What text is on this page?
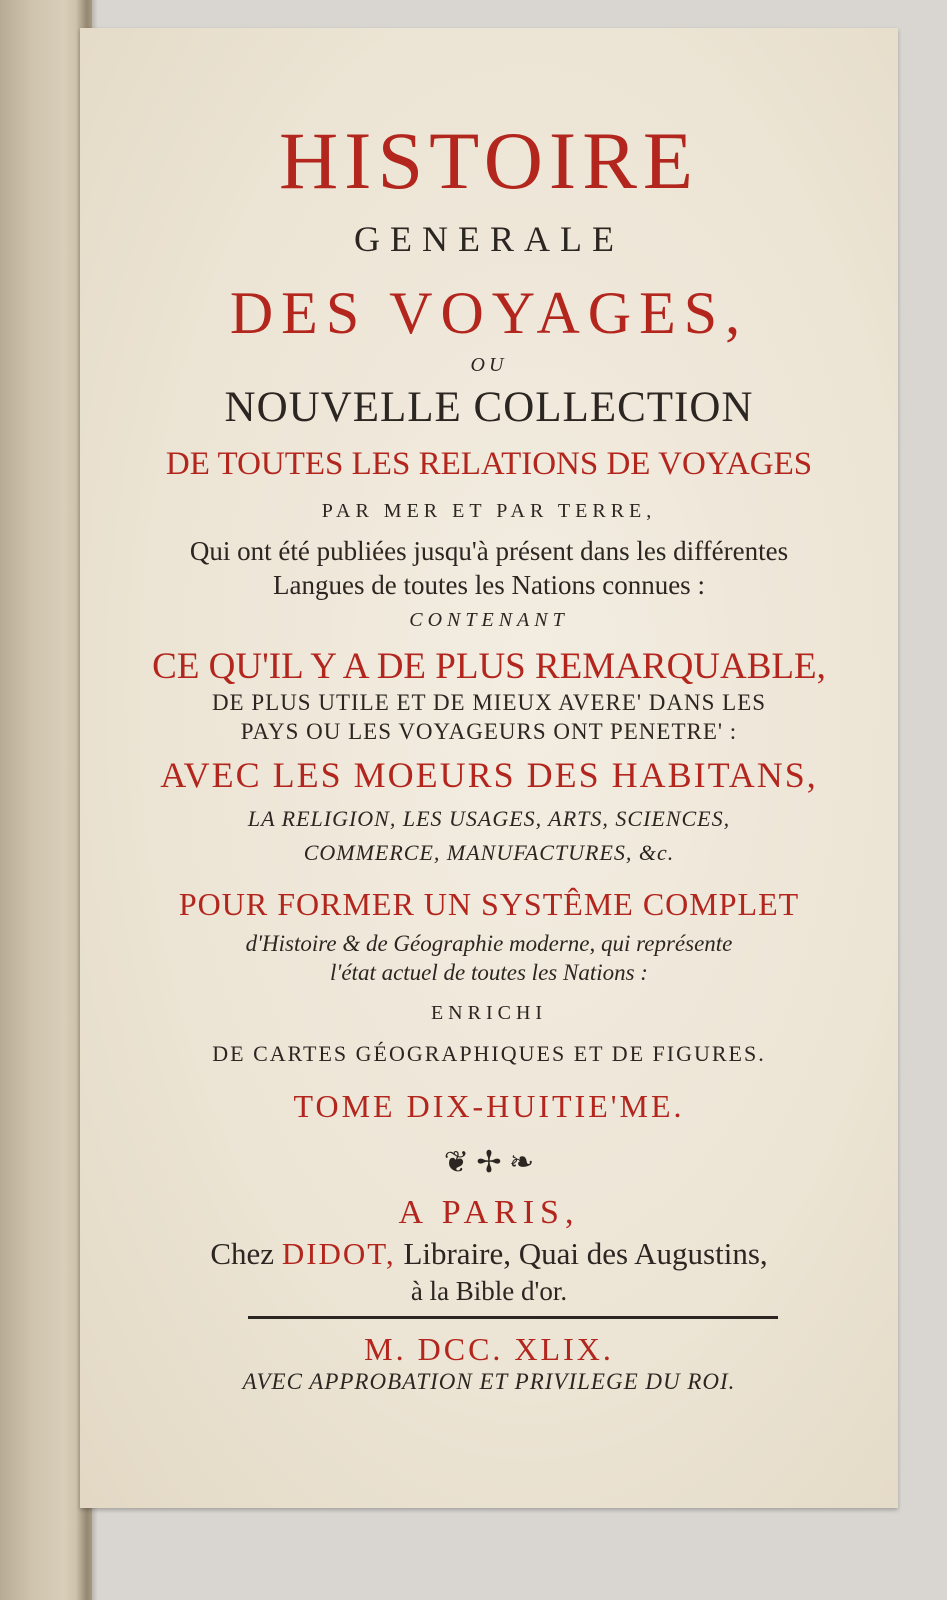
HISTOIRE
GENERALE
DES VOYAGES,
OU
NOUVELLE COLLECTION
DE TOUTES LES RELATIONS DE VOYAGES
PAR MER ET PAR TERRE,
Qui ont été publiées jusqu'à présent dans les différentes
Langues de toutes les Nations connues :
CONTENANT
CE QU'IL Y A DE PLUS REMARQUABLE,
DE PLUS UTILE ET DE MIEUX AVERE' DANS LES
PAYS OU LES VOYAGEURS ONT PENETRE' :
AVEC LES MOEURS DES HABITANS,
LA RELIGION, LES USAGES, ARTS, SCIENCES,
COMMERCE, MANUFACTURES, &c.
POUR FORMER UN SYSTÊME COMPLET
d'Histoire & de Géographie moderne, qui représente
l'état actuel de toutes les Nations :
ENRICHI
DE CARTES GÉOGRAPHIQUES ET DE FIGURES.
TOME DIX-HUITIE'ME.
❦ ✢ ❧
A PARIS,
Chez DIDOT, Libraire, Quai des Augustins,
à la Bible d'or.
M. DCC. XLIX.
AVEC APPROBATION ET PRIVILEGE DU ROI.
